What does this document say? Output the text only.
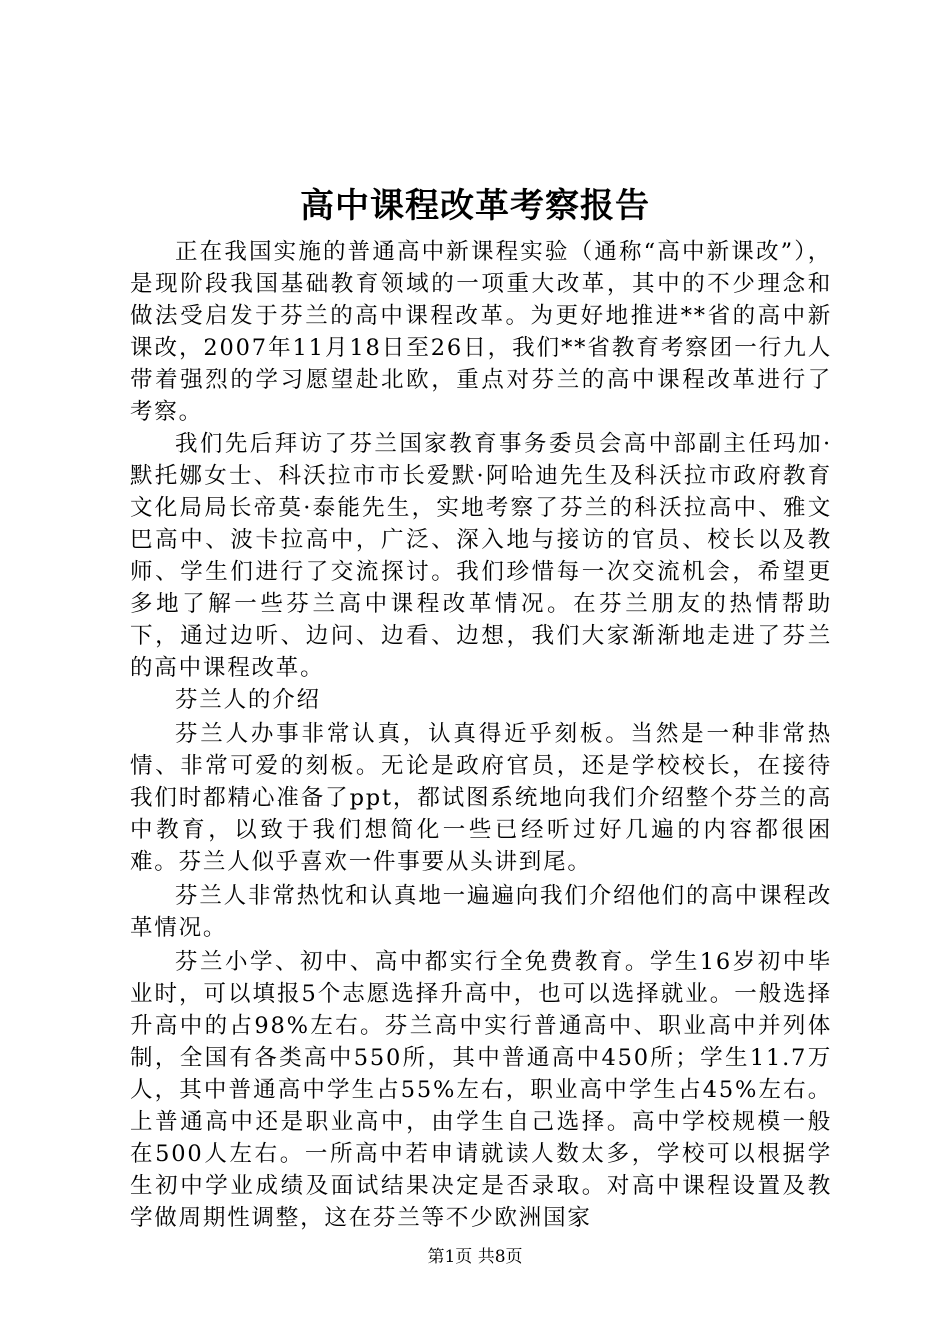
高中课程改革考察报告

正在我国实施的普通高中新课程实验（通称“高中新课改”），是现阶段我国基础教育领域的一项重大改革，其中的不少理念和做法受启发于芬兰的高中课程改革。为更好地推进**省的高中新课改，2007年11月18日至26日，我们**省教育考察团一行九人带着强烈的学习愿望赴北欧，重点对芬兰的高中课程改革进行了考察。

我们先后拜访了芬兰国家教育事务委员会高中部副主任玛加·默托娜女士、科沃拉市市长爱默·阿哈迪先生及科沃拉市政府教育文化局局长帝莫·泰能先生，实地考察了芬兰的科沃拉高中、雅文巴高中、波卡拉高中，广泛、深入地与接访的官员、校长以及教师、学生们进行了交流探讨。我们珍惜每一次交流机会，希望更多地了解一些芬兰高中课程改革情况。在芬兰朋友的热情帮助下，通过边听、边问、边看、边想，我们大家渐渐地走进了芬兰的高中课程改革。

芬兰人的介绍

芬兰人办事非常认真，认真得近乎刻板。当然是一种非常热情、非常可爱的刻板。无论是政府官员，还是学校校长，在接待我们时都精心准备了ppt，都试图系统地向我们介绍整个芬兰的高中教育，以致于我们想简化一些已经听过好几遍的内容都很困难。芬兰人似乎喜欢一件事要从头讲到尾。

芬兰人非常热忱和认真地一遍遍向我们介绍他们的高中课程改革情况。

芬兰小学、初中、高中都实行全免费教育。学生16岁初中毕业时，可以填报5个志愿选择升高中，也可以选择就业。一般选择升高中的占98%左右。芬兰高中实行普通高中、职业高中并列体制，全国有各类高中550所，其中普通高中450所；学生11.7万人，其中普通高中学生占55%左右，职业高中学生占45%左右。上普通高中还是职业高中，由学生自己选择。高中学校规模一般在500人左右。一所高中若申请就读人数太多，学校可以根据学生初中学业成绩及面试结果决定是否录取。对高中课程设置及教学做周期性调整，这在芬兰等不少欧洲国家

第1页 共8页
